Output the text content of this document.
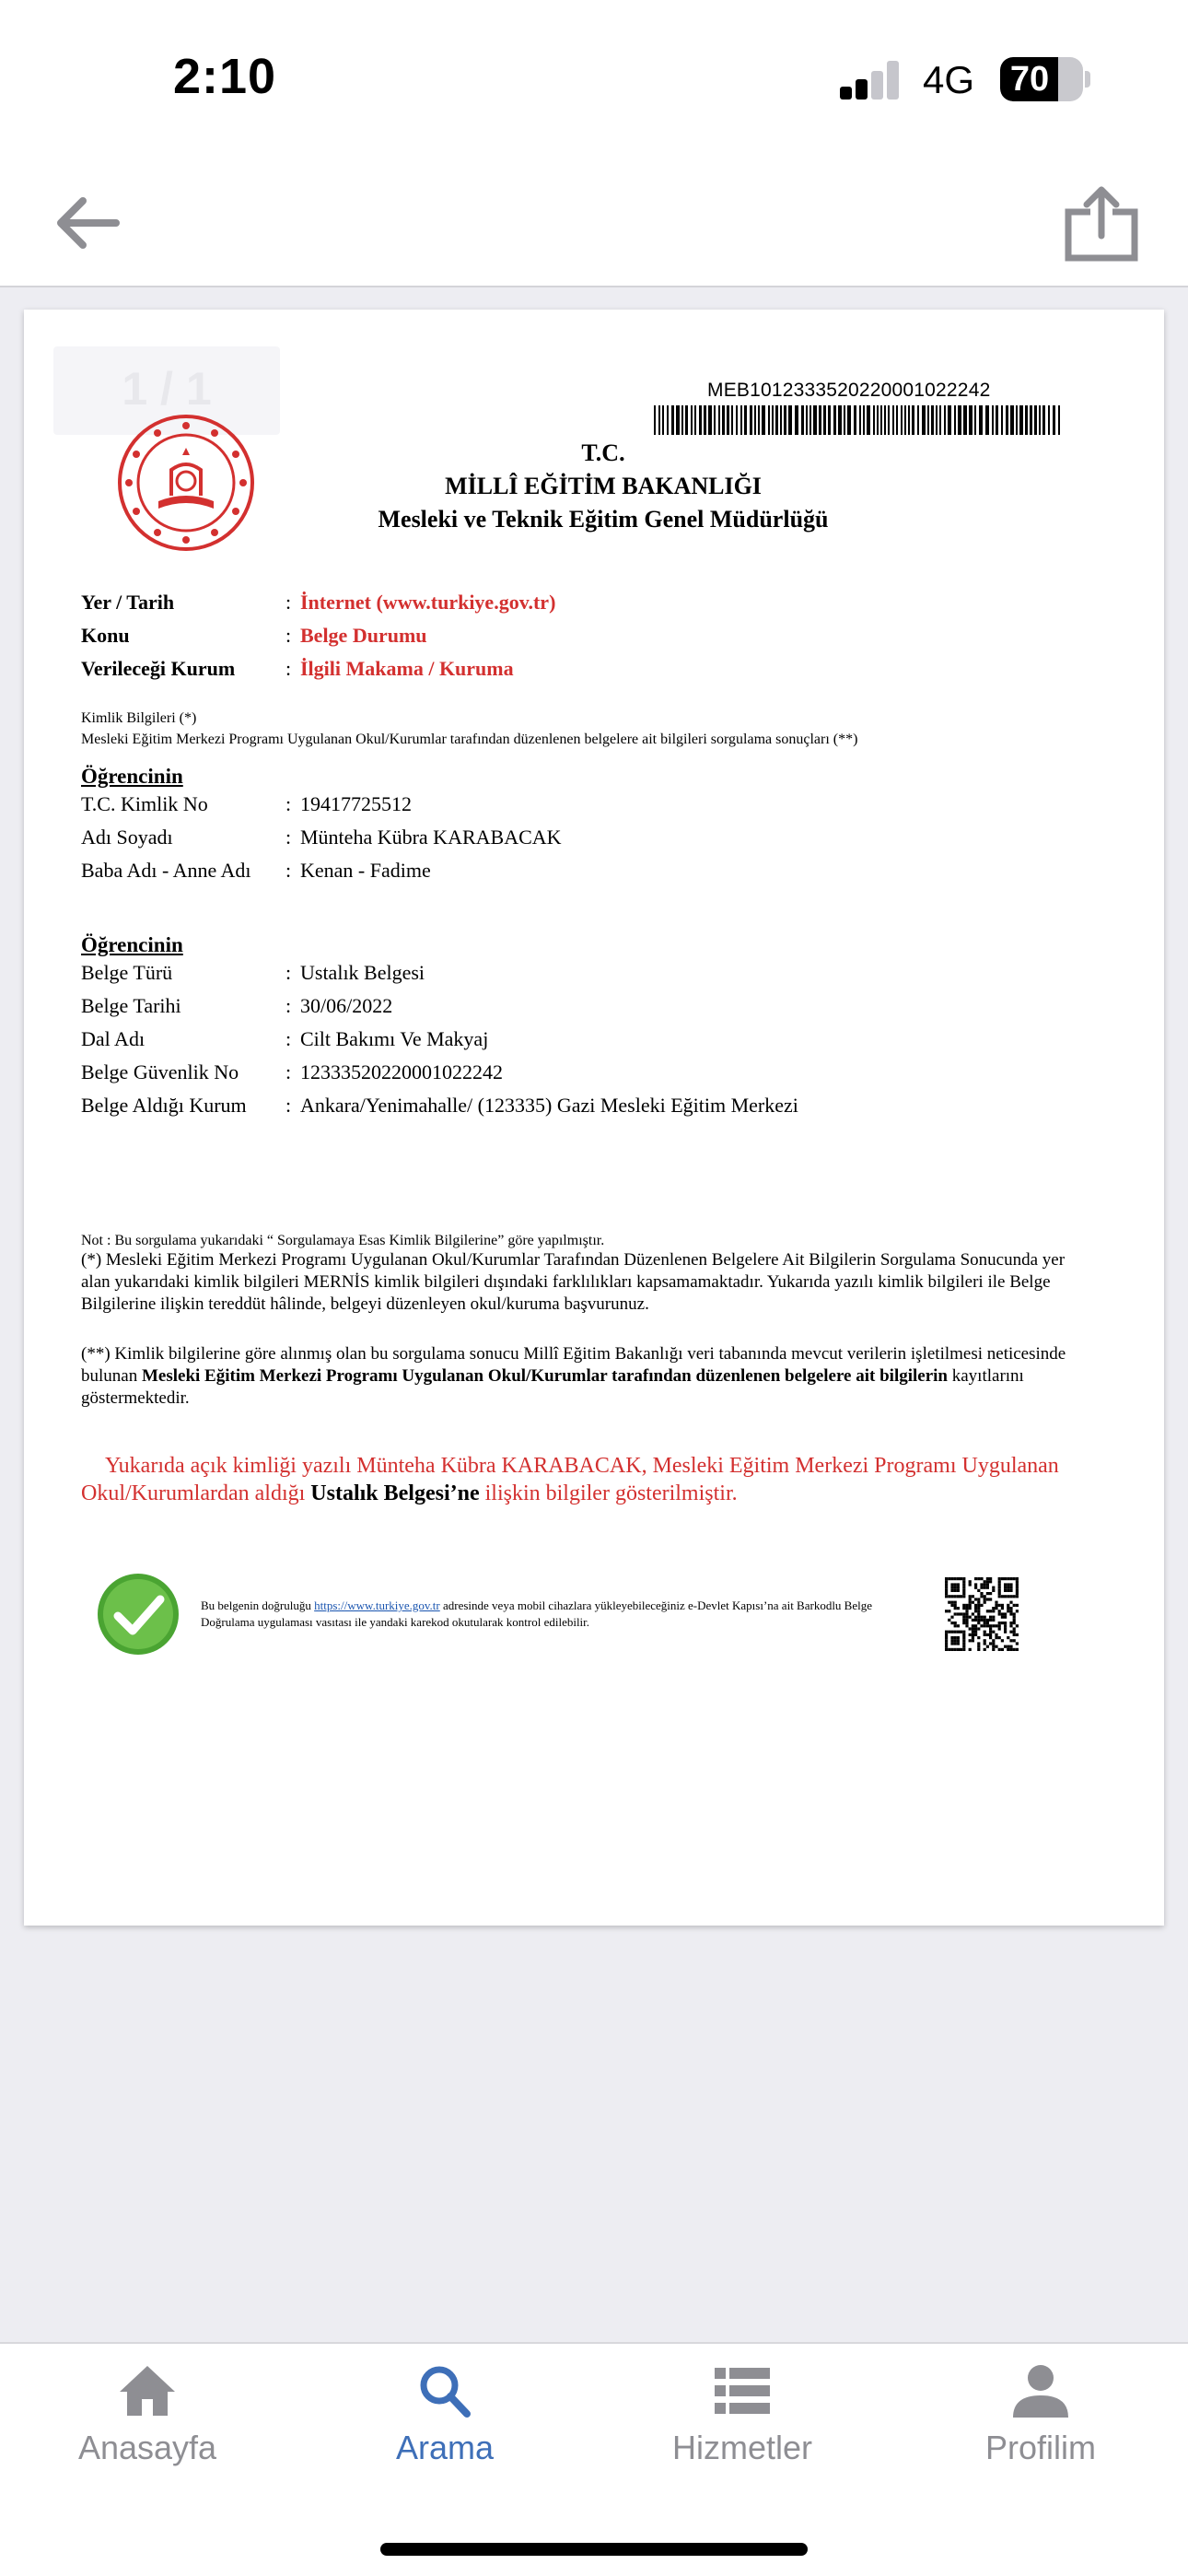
2:10	4G 70
1 / 1	MEB1012333520220001022242
T.C.
MİLLÎ EĞİTİM BAKANLIĞI
Mesleki ve Teknik Eğitim Genel Müdürlüğü
Yer / Tarih	: İnternet (www.turkiye.gov.tr)
Konu	: Belge Durumu
Verileceği Kurum : İlgili Makama / Kuruma
Kimlik Bilgileri (*)
Mesleki Eğitim Merkezi Programı Uygulanan Okul/Kurumlar tarafından düzenlenen belgelere ait bilgileri sorgulama sonuçları (**)
Öğrencinin
T.C. Kimlik No	: 19417725512
Adı Soyadı	: Münteha Kübra KARABACAK
Baba Adı - Anne Adı : Kenan - Fadime
Öğrencinin
Belge Türü	: Ustalık Belgesi
Belge Tarihi	: 30/06/2022
Dal Adı	: Cilt Bakımı Ve Makyaj
Belge Güvenlik No : 12333520220001022242
Belge Aldığı Kurum : Ankara/Yenimahalle/ (123335) Gazi Mesleki Eğitim Merkezi
Not : Bu sorgulama yukarıdaki “ Sorgulamaya Esas Kimlik Bilgilerine” göre yapılmıştır.
(*) Mesleki Eğitim Merkezi Programı Uygulanan Okul/Kurumlar Tarafından Düzenlenen Belgelere Ait Bilgilerin Sorgulama Sonucunda yer alan yukarıdaki kimlik bilgileri MERNİS kimlik bilgileri dışındaki farklılıkları kapsamamaktadır. Yukarıda yazılı kimlik bilgileri ile Belge Bilgilerine ilişkin tereddüt hâlinde, belgeyi düzenleyen okul/kuruma başvurunuz.
(**) Kimlik bilgilerine göre alınmış olan bu sorgulama sonucu Millî Eğitim Bakanlığı veri tabanında mevcut verilerin işletilmesi neticesinde bulunan Mesleki Eğitim Merkezi Programı Uygulanan Okul/Kurumlar tarafından düzenlenen belgelere ait bilgilerin kayıtlarını göstermektedir.
Yukarıda açık kimliği yazılı Münteha Kübra KARABACAK, Mesleki Eğitim Merkezi Programı Uygulanan Okul/Kurumlardan aldığı Ustalık Belgesi’ne ilişkin bilgiler gösterilmiştir.
Bu belgenin doğruluğu https://www.turkiye.gov.tr adresinde veya mobil cihazlara yükleyebileceğiniz e-Devlet Kapısı’na ait Barkodlu Belge Doğrulama uygulaması vasıtası ile yandaki karekod okutularak kontrol edilebilir.
Anasayfa	Arama	Hizmetler	Profilim
